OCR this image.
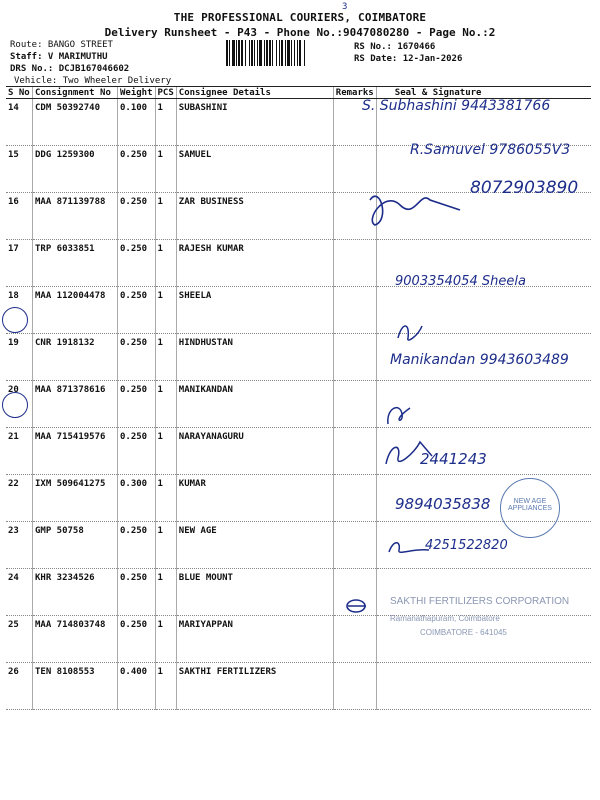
3
THE PROFESSIONAL COURIERS, COIMBATORE
Delivery Runsheet - P43 - Phone No.:9047080280 - Page No.:2
Route: BANGO STREET
Staff: V MARIMUTHU
DRS No.: DCJB167046602
Vehicle: Two Wheeler Delivery
RS No.: 1670466
RS Date: 12-Jan-2026
S No	Consignment No	Weight	PCS	Consignee Details	Remarks	Seal & Signature
14	CDM 50392740	0.100	1	SUBASHINI		
15	DDG 1259300	0.250	1	SAMUEL		
16	MAA 871139788	0.250	1	ZAR BUSINESS		
17	TRP 6033851	0.250	1	RAJESH KUMAR		
18	MAA 112004478	0.250	1	SHEELA		
19	CNR 1918132	0.250	1	HINDHUSTAN		
20	MAA 871378616	0.250	1	MANIKANDAN		
21	MAA 715419576	0.250	1	NARAYANAGURU		
22	IXM 509641275	0.300	1	KUMAR		
23	GMP 50758	0.250	1	NEW AGE		
24	KHR 3234526	0.250	1	BLUE MOUNT		
25	MAA 714803748	0.250	1	MARIYAPPAN		
26	TEN 8108553	0.400	1	SAKTHI FERTILIZERS		
S. Subhashini 9443381766
R.Samuvel 9786055V3
8072903890
9003354054 Sheela
Manikandan 9943603489
2441243
9894035838
4251522820
NEW AGE APPLIANCES
SAKTHI FERTILIZERS CORPORATION
Ramanathapuram, Coimbatore
COIMBATORE - 641045
